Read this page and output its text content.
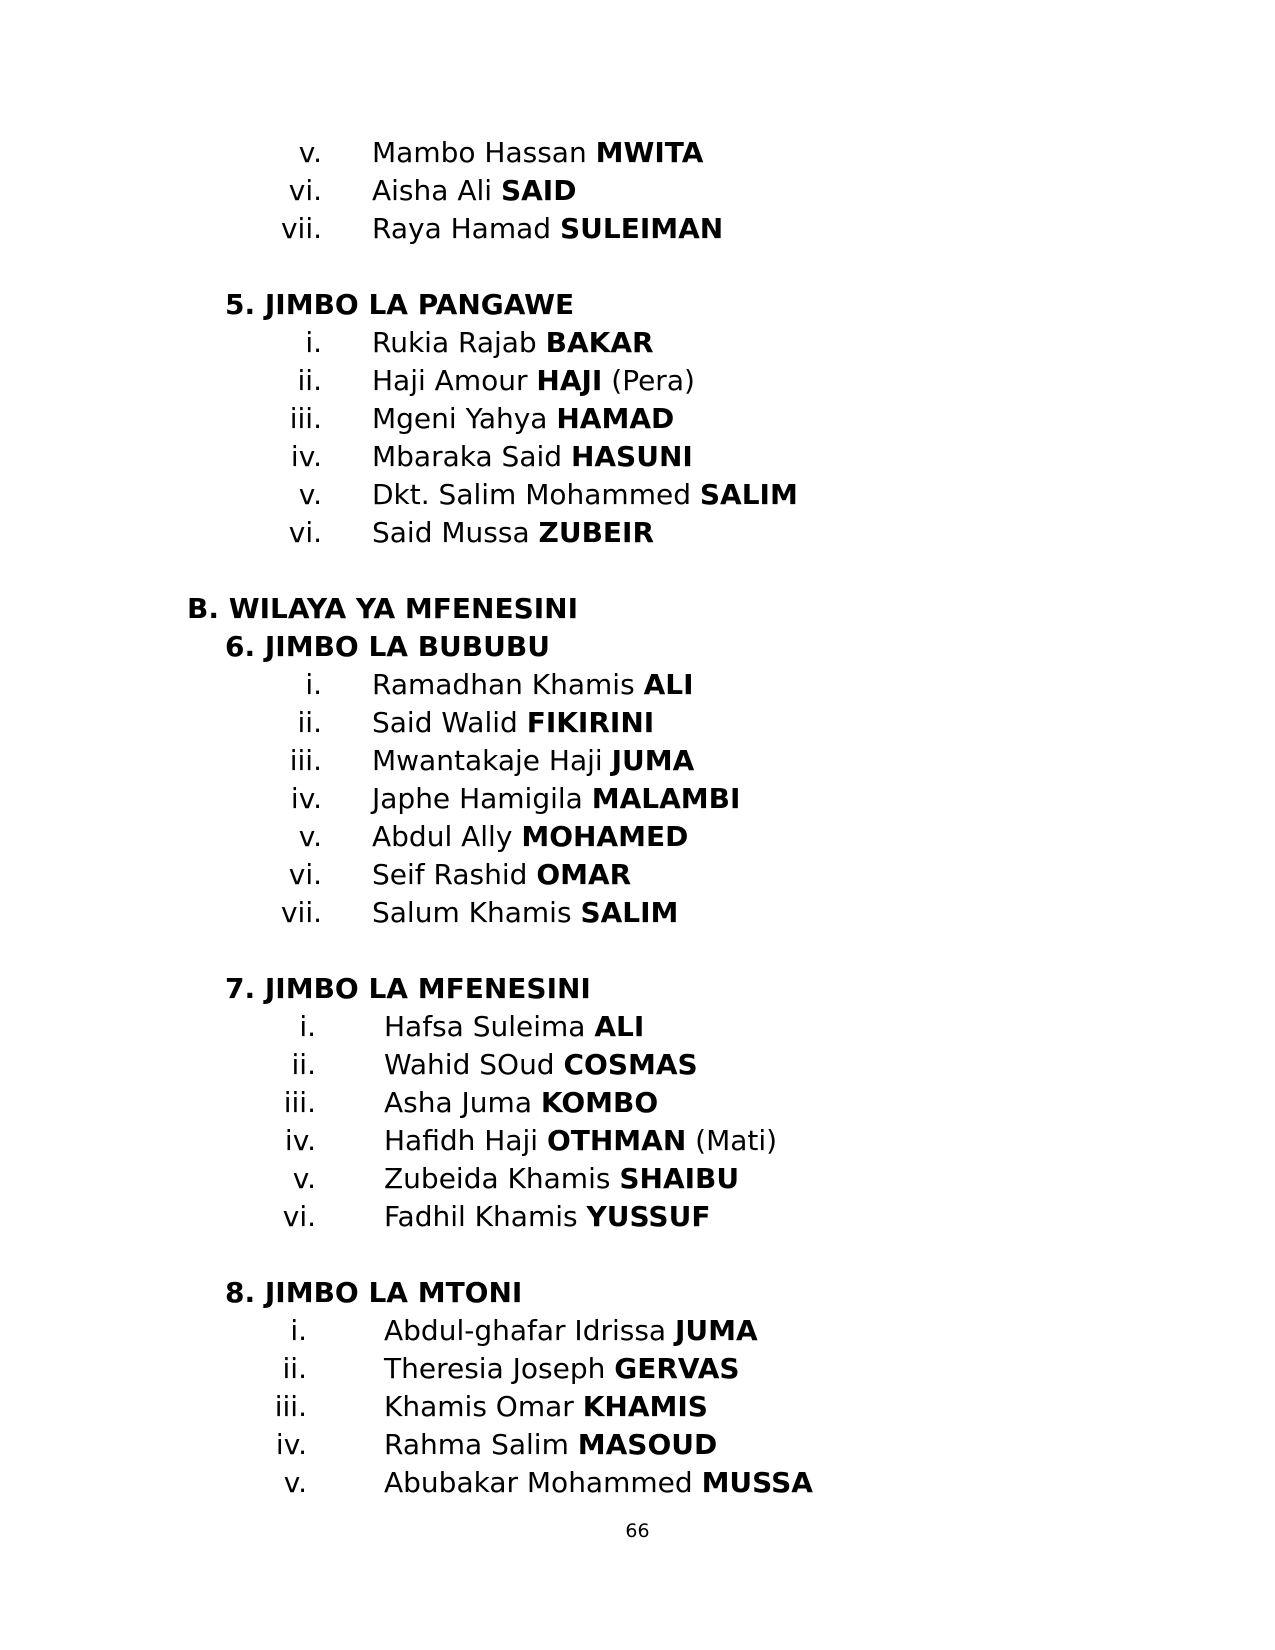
v. Mambo Hassan MWITA
vi. Aisha Ali SAID
vii. Raya Hamad SULEIMAN
5. JIMBO LA PANGAWE
i. Rukia Rajab BAKAR
ii. Haji Amour HAJI (Pera)
iii. Mgeni Yahya HAMAD
iv. Mbaraka Said HASUNI
v. Dkt. Salim Mohammed SALIM
vi. Said Mussa ZUBEIR
B. WILAYA YA MFENESINI
6. JIMBO LA BUBUBU
i. Ramadhan Khamis ALI
ii. Said Walid FIKIRINI
iii. Mwantakaje Haji JUMA
iv. Japhe Hamigila MALAMBI
v. Abdul Ally MOHAMED
vi. Seif Rashid OMAR
vii. Salum Khamis SALIM
7. JIMBO LA MFENESINI
i. Hafsa Suleima ALI
ii. Wahid SOud COSMAS
iii. Asha Juma KOMBO
iv. Hafidh Haji OTHMAN (Mati)
v. Zubeida Khamis SHAIBU
vi. Fadhil Khamis YUSSUF
8. JIMBO LA MTONI
i.	Abdul-ghafar Idrissa JUMA
ii.	Theresia Joseph GERVAS
iii.	Khamis Omar KHAMIS
iv.	Rahma Salim MASOUD
v.	Abubakar Mohammed MUSSA
66
